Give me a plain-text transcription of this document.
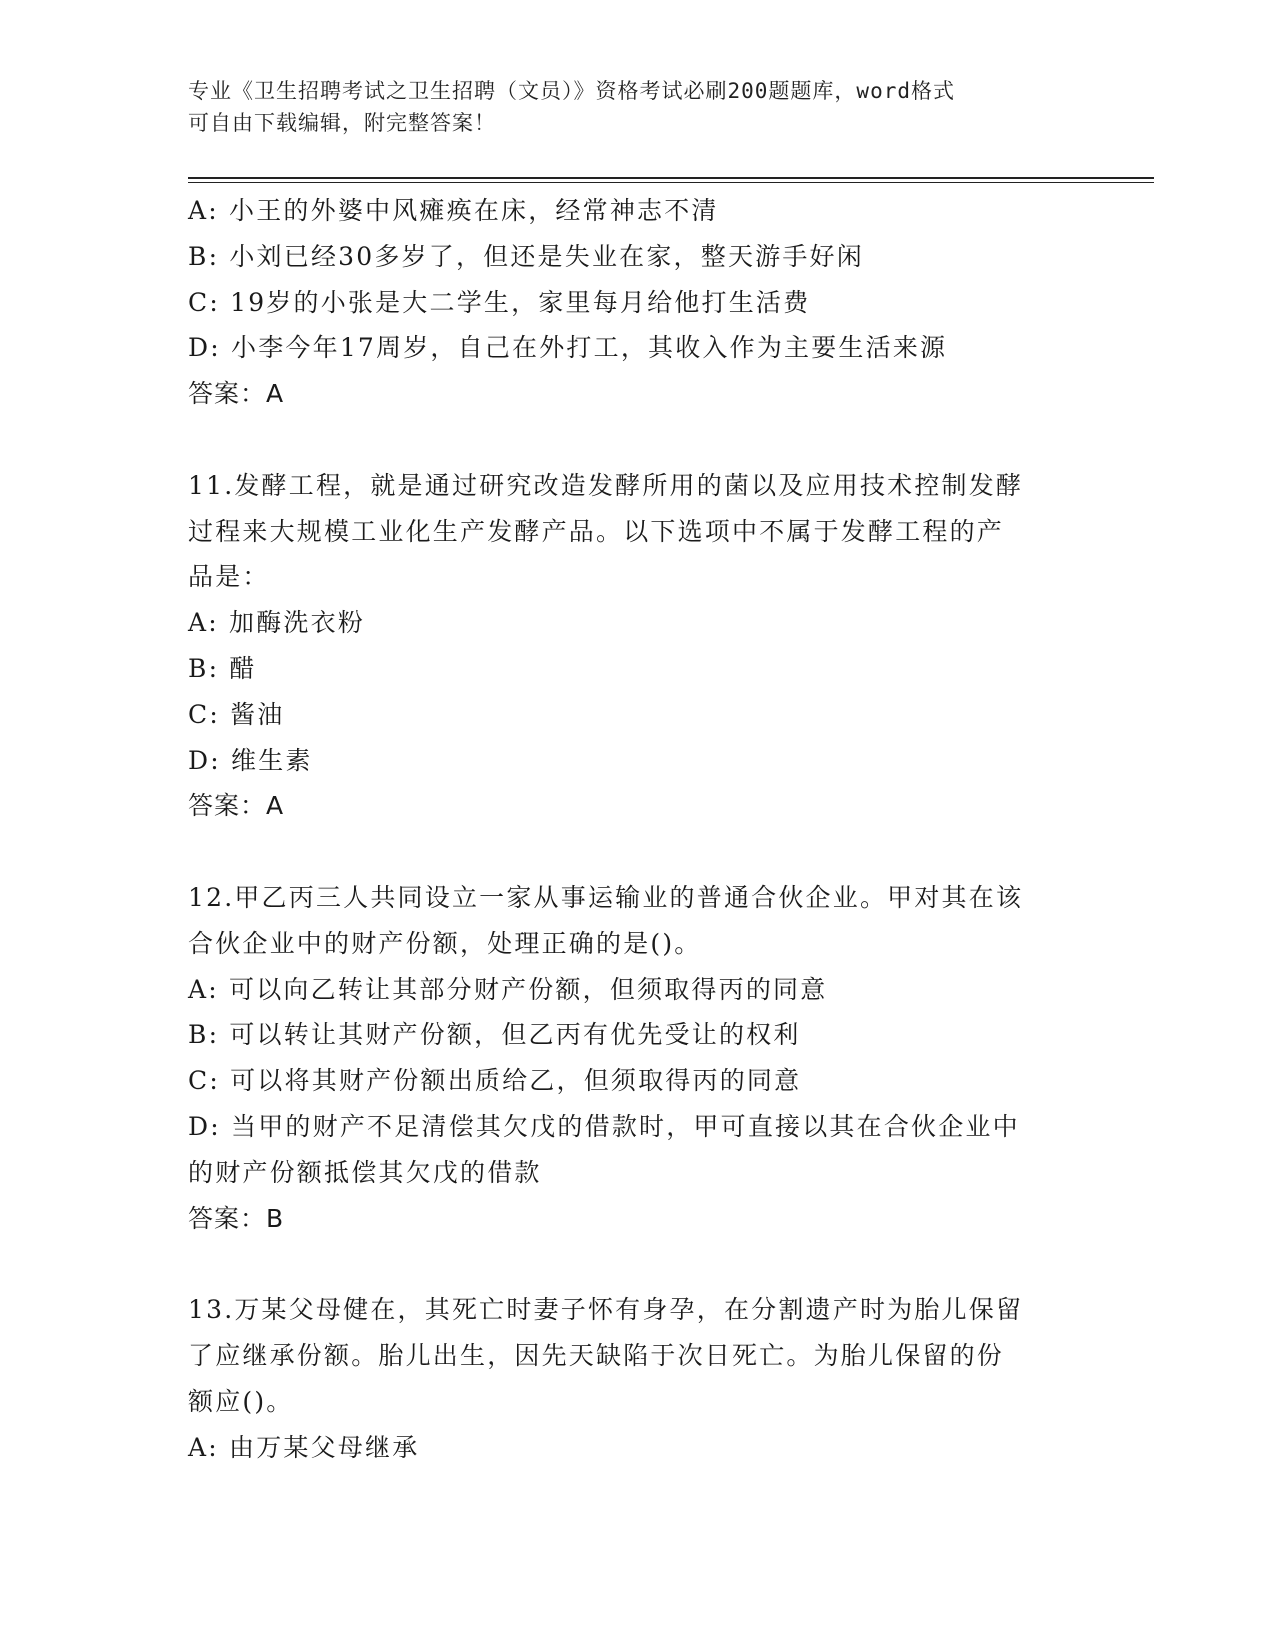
专业《卫生招聘考试之卫生招聘（文员）》资格考试必刷200题题库，word格式
可自由下载编辑，附完整答案！
A: 小王的外婆中风瘫痪在床，经常神志不清
B: 小刘已经30多岁了，但还是失业在家，整天游手好闲
C: 19岁的小张是大二学生，家里每月给他打生活费
D: 小李今年17周岁，自己在外打工，其收入作为主要生活来源
答案：A
11.发酵工程，就是通过研究改造发酵所用的菌以及应用技术控制发酵
过程来大规模工业化生产发酵产品。以下选项中不属于发酵工程的产
品是：
A: 加酶洗衣粉
B: 醋
C: 酱油
D: 维生素
答案：A
12.甲乙丙三人共同设立一家从事运输业的普通合伙企业。甲对其在该
合伙企业中的财产份额，处理正确的是()。
A: 可以向乙转让其部分财产份额，但须取得丙的同意
B: 可以转让其财产份额，但乙丙有优先受让的权利
C: 可以将其财产份额出质给乙，但须取得丙的同意
D: 当甲的财产不足清偿其欠戊的借款时，甲可直接以其在合伙企业中
的财产份额抵偿其欠戊的借款
答案：B
13.万某父母健在，其死亡时妻子怀有身孕，在分割遗产时为胎儿保留
了应继承份额。胎儿出生，因先天缺陷于次日死亡。为胎儿保留的份
额应()。
A: 由万某父母继承
